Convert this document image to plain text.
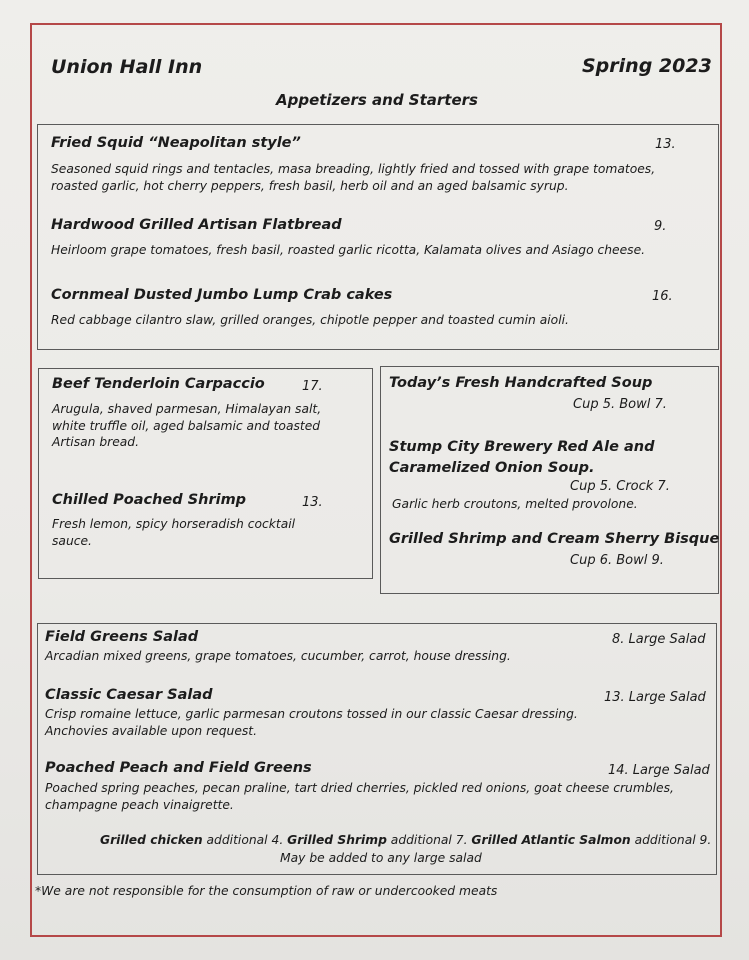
Union Hall Inn	Spring 2023
Appetizers and Starters
Fried Squid “Neapolitan style”	13.
Seasoned squid rings and tentacles, masa breading, lightly fried and tossed with grape tomatoes,
roasted garlic, hot cherry peppers, fresh basil, herb oil and an aged balsamic syrup.
Hardwood Grilled Artisan Flatbread	9.
Heirloom grape tomatoes, fresh basil, roasted garlic ricotta, Kalamata olives and Asiago cheese.
Cornmeal Dusted Jumbo Lump Crab cakes	16.
Red cabbage cilantro slaw, grilled oranges, chipotle pepper and toasted cumin aioli.
Beef Tenderloin Carpaccio	17.
Arugula, shaved parmesan, Himalayan salt,
white truffle oil, aged balsamic and toasted
Artisan bread.
Chilled Poached Shrimp	13.
Fresh lemon, spicy horseradish cocktail
sauce.
Today’s Fresh Handcrafted Soup
Cup 5. Bowl 7.
Stump City Brewery Red Ale and
Caramelized Onion Soup.
Cup 5. Crock 7.
Garlic herb croutons, melted provolone.
Grilled Shrimp and Cream Sherry Bisque
Cup 6. Bowl 9.
Field Greens Salad	8. Large Salad
Arcadian mixed greens, grape tomatoes, cucumber, carrot, house dressing.
Classic Caesar Salad	13. Large Salad
Crisp romaine lettuce, garlic parmesan croutons tossed in our classic Caesar dressing.
Anchovies available upon request.
Poached Peach and Field Greens	14. Large Salad
Poached spring peaches, pecan praline, tart dried cherries, pickled red onions, goat cheese crumbles,
champagne peach vinaigrette.
Grilled chicken additional 4. Grilled Shrimp additional 7. Grilled Atlantic Salmon additional 9.
May be added to any large salad
*We are not responsible for the consumption of raw or undercooked meats
